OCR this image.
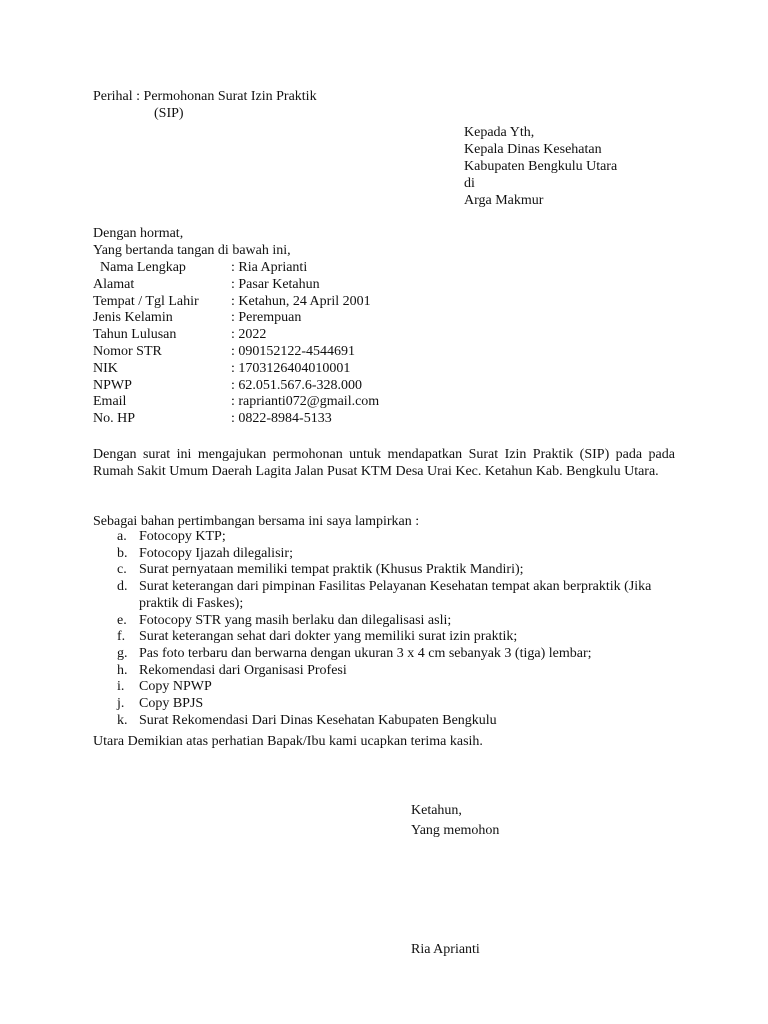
Perihal : Permohonan Surat Izin Praktik
(SIP)
Kepada Yth,
Kepala Dinas Kesehatan
Kabupaten Bengkulu Utara
di
Arga Makmur
Dengan hormat,
Yang bertanda tangan di bawah ini,
Nama Lengkap	: Ria Aprianti
Alamat	: Pasar Ketahun
Tempat / Tgl Lahir : Ketahun, 24 April 2001
Jenis Kelamin	: Perempuan
Tahun Lulusan	: 2022
Nomor STR	: 090152122-4544691
NIK	: 1703126404010001
NPWP	: 62.051.567.6-328.000
Email	: raprianti072@gmail.com
No. HP	: 0822-8984-5133
Dengan surat ini mengajukan permohonan untuk mendapatkan Surat Izin Praktik (SIP) pada pada Rumah Sakit Umum Daerah Lagita Jalan Pusat KTM Desa Urai Kec. Ketahun Kab. Bengkulu Utara.
Sebagai bahan pertimbangan bersama ini saya lampirkan :
a. Fotocopy KTP;
b. Fotocopy Ijazah dilegalisir;
c. Surat pernyataan memiliki tempat praktik (Khusus Praktik Mandiri);
d. Surat keterangan dari pimpinan Fasilitas Pelayanan Kesehatan tempat akan berpraktik (Jika praktik di Faskes);
e. Fotocopy STR yang masih berlaku dan dilegalisasi asli;
f. Surat keterangan sehat dari dokter yang memiliki surat izin praktik;
g. Pas foto terbaru dan berwarna dengan ukuran 3 x 4 cm sebanyak 3 (tiga) lembar;
h. Rekomendasi dari Organisasi Profesi
i. Copy NPWP
j. Copy BPJS
k. Surat Rekomendasi Dari Dinas Kesehatan Kabupaten Bengkulu
Utara Demikian atas perhatian Bapak/Ibu kami ucapkan terima kasih.
Ketahun,
Yang memohon
Ria Aprianti
